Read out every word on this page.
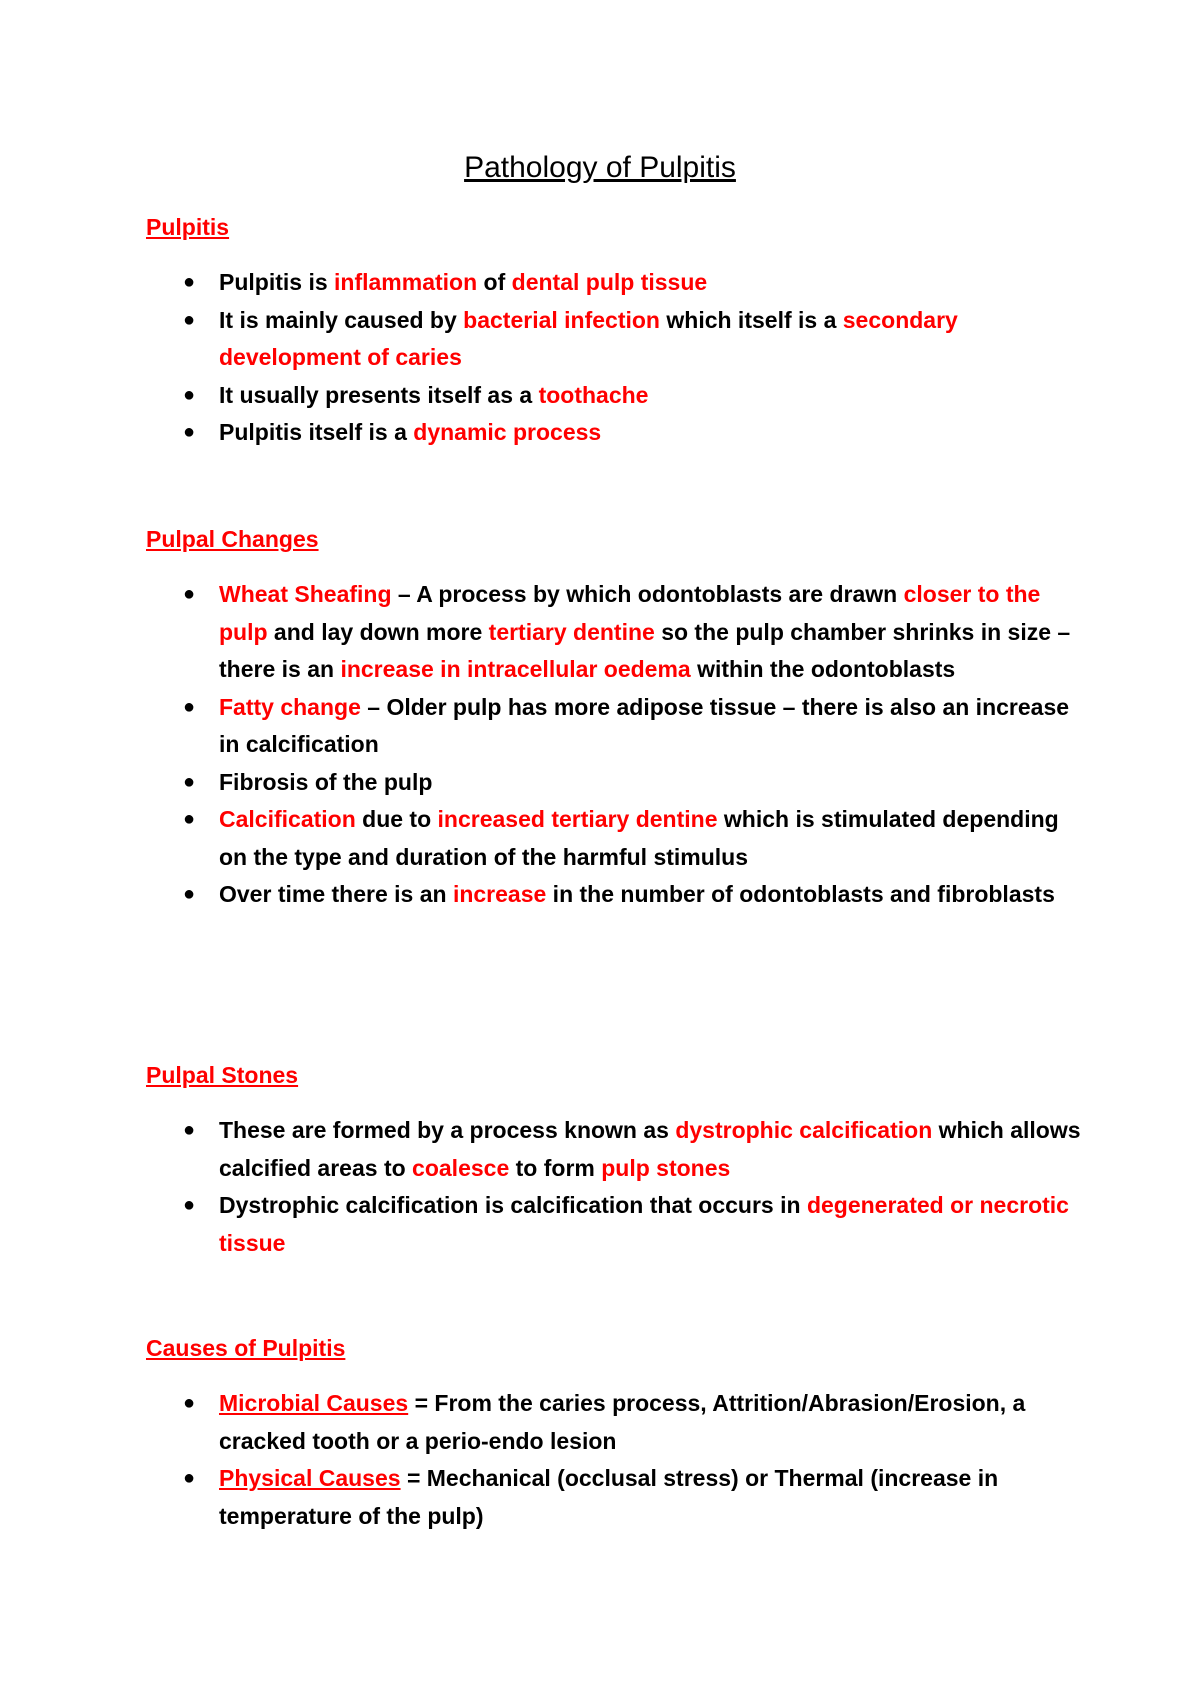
Pathology of Pulpitis
Pulpitis
● Pulpitis is inflammation of dental pulp tissue
● It is mainly caused by bacterial infection which itself is a secondary development of caries
● It usually presents itself as a toothache
● Pulpitis itself is a dynamic process
Pulpal Changes
● Wheat Sheafing – A process by which odontoblasts are drawn closer to the pulp and lay down more tertiary dentine so the pulp chamber shrinks in size – there is an increase in intracellular oedema within the odontoblasts
● Fatty change – Older pulp has more adipose tissue – there is also an increase in calcification
● Fibrosis of the pulp
● Calcification due to increased tertiary dentine which is stimulated depending on the type and duration of the harmful stimulus
● Over time there is an increase in the number of odontoblasts and fibroblasts
Pulpal Stones
● These are formed by a process known as dystrophic calcification which allows calcified areas to coalesce to form pulp stones
● Dystrophic calcification is calcification that occurs in degenerated or necrotic tissue
Causes of Pulpitis
● Microbial Causes = From the caries process, Attrition/Abrasion/Erosion, a cracked tooth or a perio-endo lesion
● Physical Causes = Mechanical (occlusal stress) or Thermal (increase in temperature of the pulp)
